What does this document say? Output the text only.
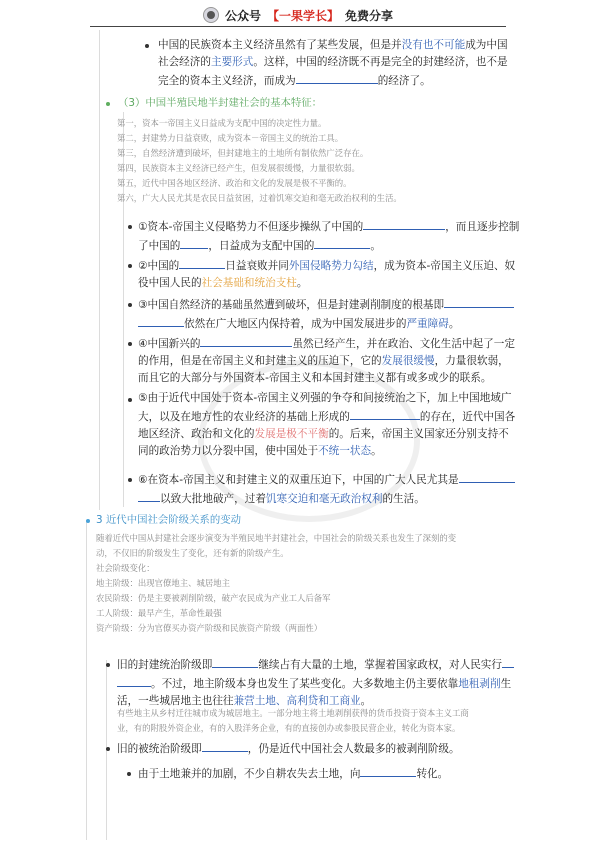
公众号 【一果学长】 免费分享
中国的民族资本主义经济虽然有了某些发展，但是并没有也不可能成为中国
社会经济的主要形式。这样，中国的经济既不再是完全的封建经济，也不是
完全的资本主义经济，而成为	的经济了。
（3）中国半殖民地半封建社会的基本特征：
第一，资本一帝国主义日益成为支配中国的决定性力量。
第二，封建势力日益衰败，成为资本－帝国主义的统治工具。
第三，自然经济遭到破坏，但封建地主的土地所有制依然广泛存在。
第四，民族资本主义经济已经产生，但发展很缓慢，力量很软弱。
第五，近代中国各地区经济、政治和文化的发展是极不平衡的。
第六，广大人民尤其是农民日益贫困，过着饥寒交迫和毫无政治权利的生活。
①资本-帝国主义侵略势力不但逐步操纵了中国的	，而且逐步控制
了中国的	，日益成为支配中国的	。
②中国的	日益衰败并同外国侵略势力勾结，成为资本-帝国主义压迫、奴
役中国人民的社会基础和统治支柱。
③中国自然经济的基础虽然遭到破坏，但是封建剥削制度的根基即
依然在广大地区内保持着，成为中国发展进步的严重障碍。
④中国新兴的	虽然已经产生，并在政治、文化生活中起了一定
的作用，但是在帝国主义和封建主义的压迫下，它的发展很缓慢，力量很软弱，
而且它的大部分与外国资本-帝国主义和本国封建主义都有或多或少的联系。
⑤由于近代中国处于资本-帝国主义列强的争夺和间接统治之下，加上中国地域广
大，以及在地方性的农业经济的基础上形成的	的存在，近代中国各
地区经济、政治和文化的发展是极不平衡的。后来，帝国主义国家还分别支持不
同的政治势力以分裂中国，使中国处于不统一状态。
⑥在资本-帝国主义和封建主义的双重压迫下，中国的广大人民尤其是
以致大批地破产，过着饥寒交迫和毫无政治权利的生活。
3 近代中国社会阶级关系的变动
随着近代中国从封建社会逐步演变为半殖民地半封建社会，中国社会的阶级关系也发生了深刻的变
动，不仅旧的阶级发生了变化，还有新的阶级产生。
社会阶级变化：
地主阶级：出现官僚地主、城居地主
农民阶级：仍是主要被剥削阶级，破产农民成为产业工人后备军
工人阶级：最早产生，革命性最强
资产阶级：分为官僚买办资产阶级和民族资产阶级（两面性）
旧的封建统治阶级即	继续占有大量的土地，掌握着国家政权，对人民实行
。不过，地主阶级本身也发生了某些变化。大多数地主仍主要依靠地租剥削生
活，一些城居地主也往往兼营土地、高利贷和工商业。
有些地主从乡村迁往城市成为城居地主。一部分地主将土地剥削获得的货币投资于资本主义工商
业，有的附股外资企业，有的入股洋务企业，有的直接创办或参股民营企业，转化为资本家。
旧的被统治阶级即	，仍是近代中国社会人数最多的被剥削阶级。
由于土地兼并的加剧，不少自耕农失去土地，向	转化。
